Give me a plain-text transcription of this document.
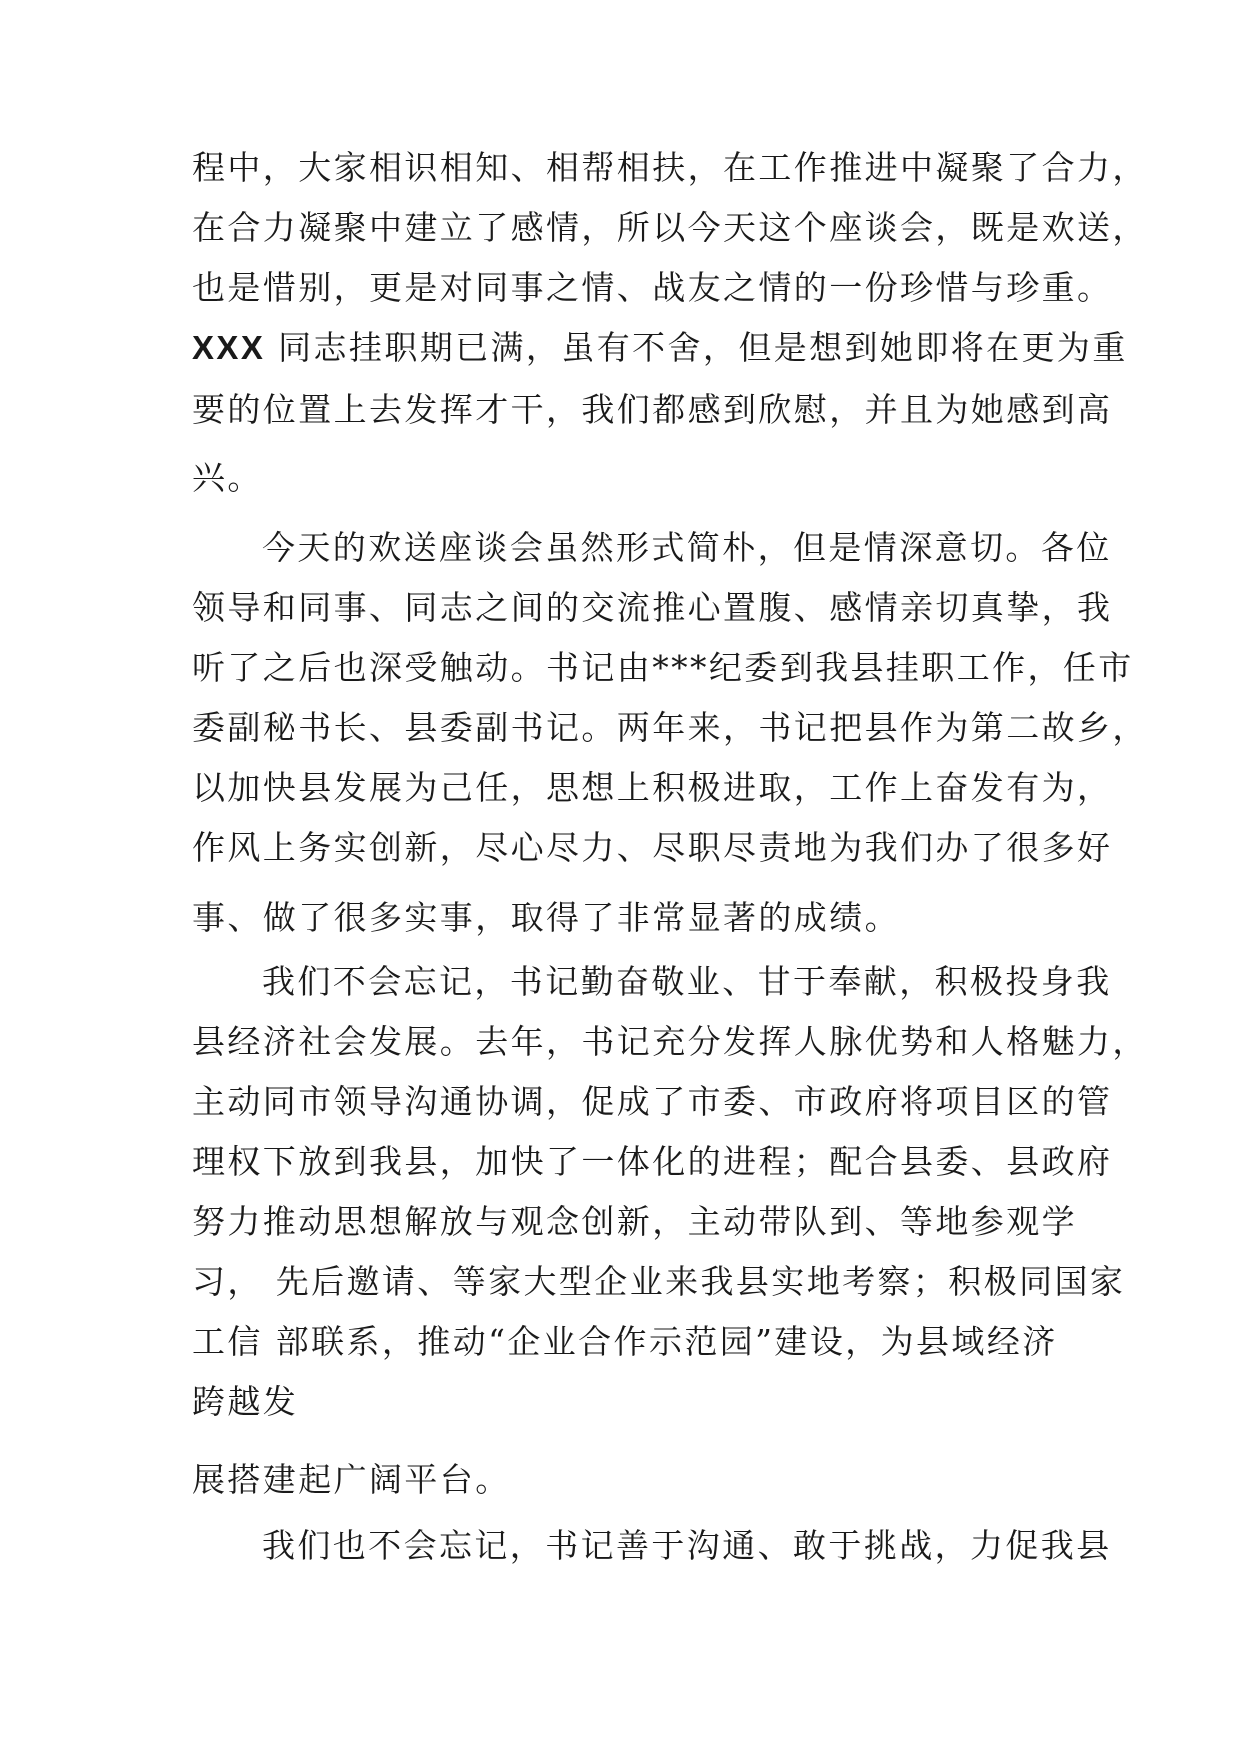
程中，大家相识相知、相帮相扶，在工作推进中凝聚了合力，
在合力凝聚中建立了感情，所以今天这个座谈会，既是欢送，
也是惜别，更是对同事之情、战友之情的一份珍惜与珍重。
XXX 同志挂职期已满，虽有不舍，但是想到她即将在更为重
要的位置上去发挥才干，我们都感到欣慰，并且为她感到高
兴。
今天的欢送座谈会虽然形式简朴，但是情深意切。各位
领导和同事、同志之间的交流推心置腹、感情亲切真挚，我
听了之后也深受触动。书记由***纪委到我县挂职工作，任市
委副秘书长、县委副书记。两年来，书记把县作为第二故乡，
以加快县发展为己任，思想上积极进取，工作上奋发有为，
作风上务实创新，尽心尽力、尽职尽责地为我们办了很多好
事、做了很多实事，取得了非常显著的成绩。
我们不会忘记，书记勤奋敬业、甘于奉献，积极投身我
县经济社会发展。去年，书记充分发挥人脉优势和人格魅力，
主动同市领导沟通协调，促成了市委、市政府将项目区的管
理权下放到我县，加快了一体化的进程；配合县委、县政府
努力推动思想解放与观念创新，主动带队到、等地参观学
习， 先后邀请、等家大型企业来我县实地考察；积极同国家
工信 部联系，推动“企业合作示范园”建设，为县域经济
跨越发
展搭建起广阔平台。
我们也不会忘记，书记善于沟通、敢于挑战，力促我县
